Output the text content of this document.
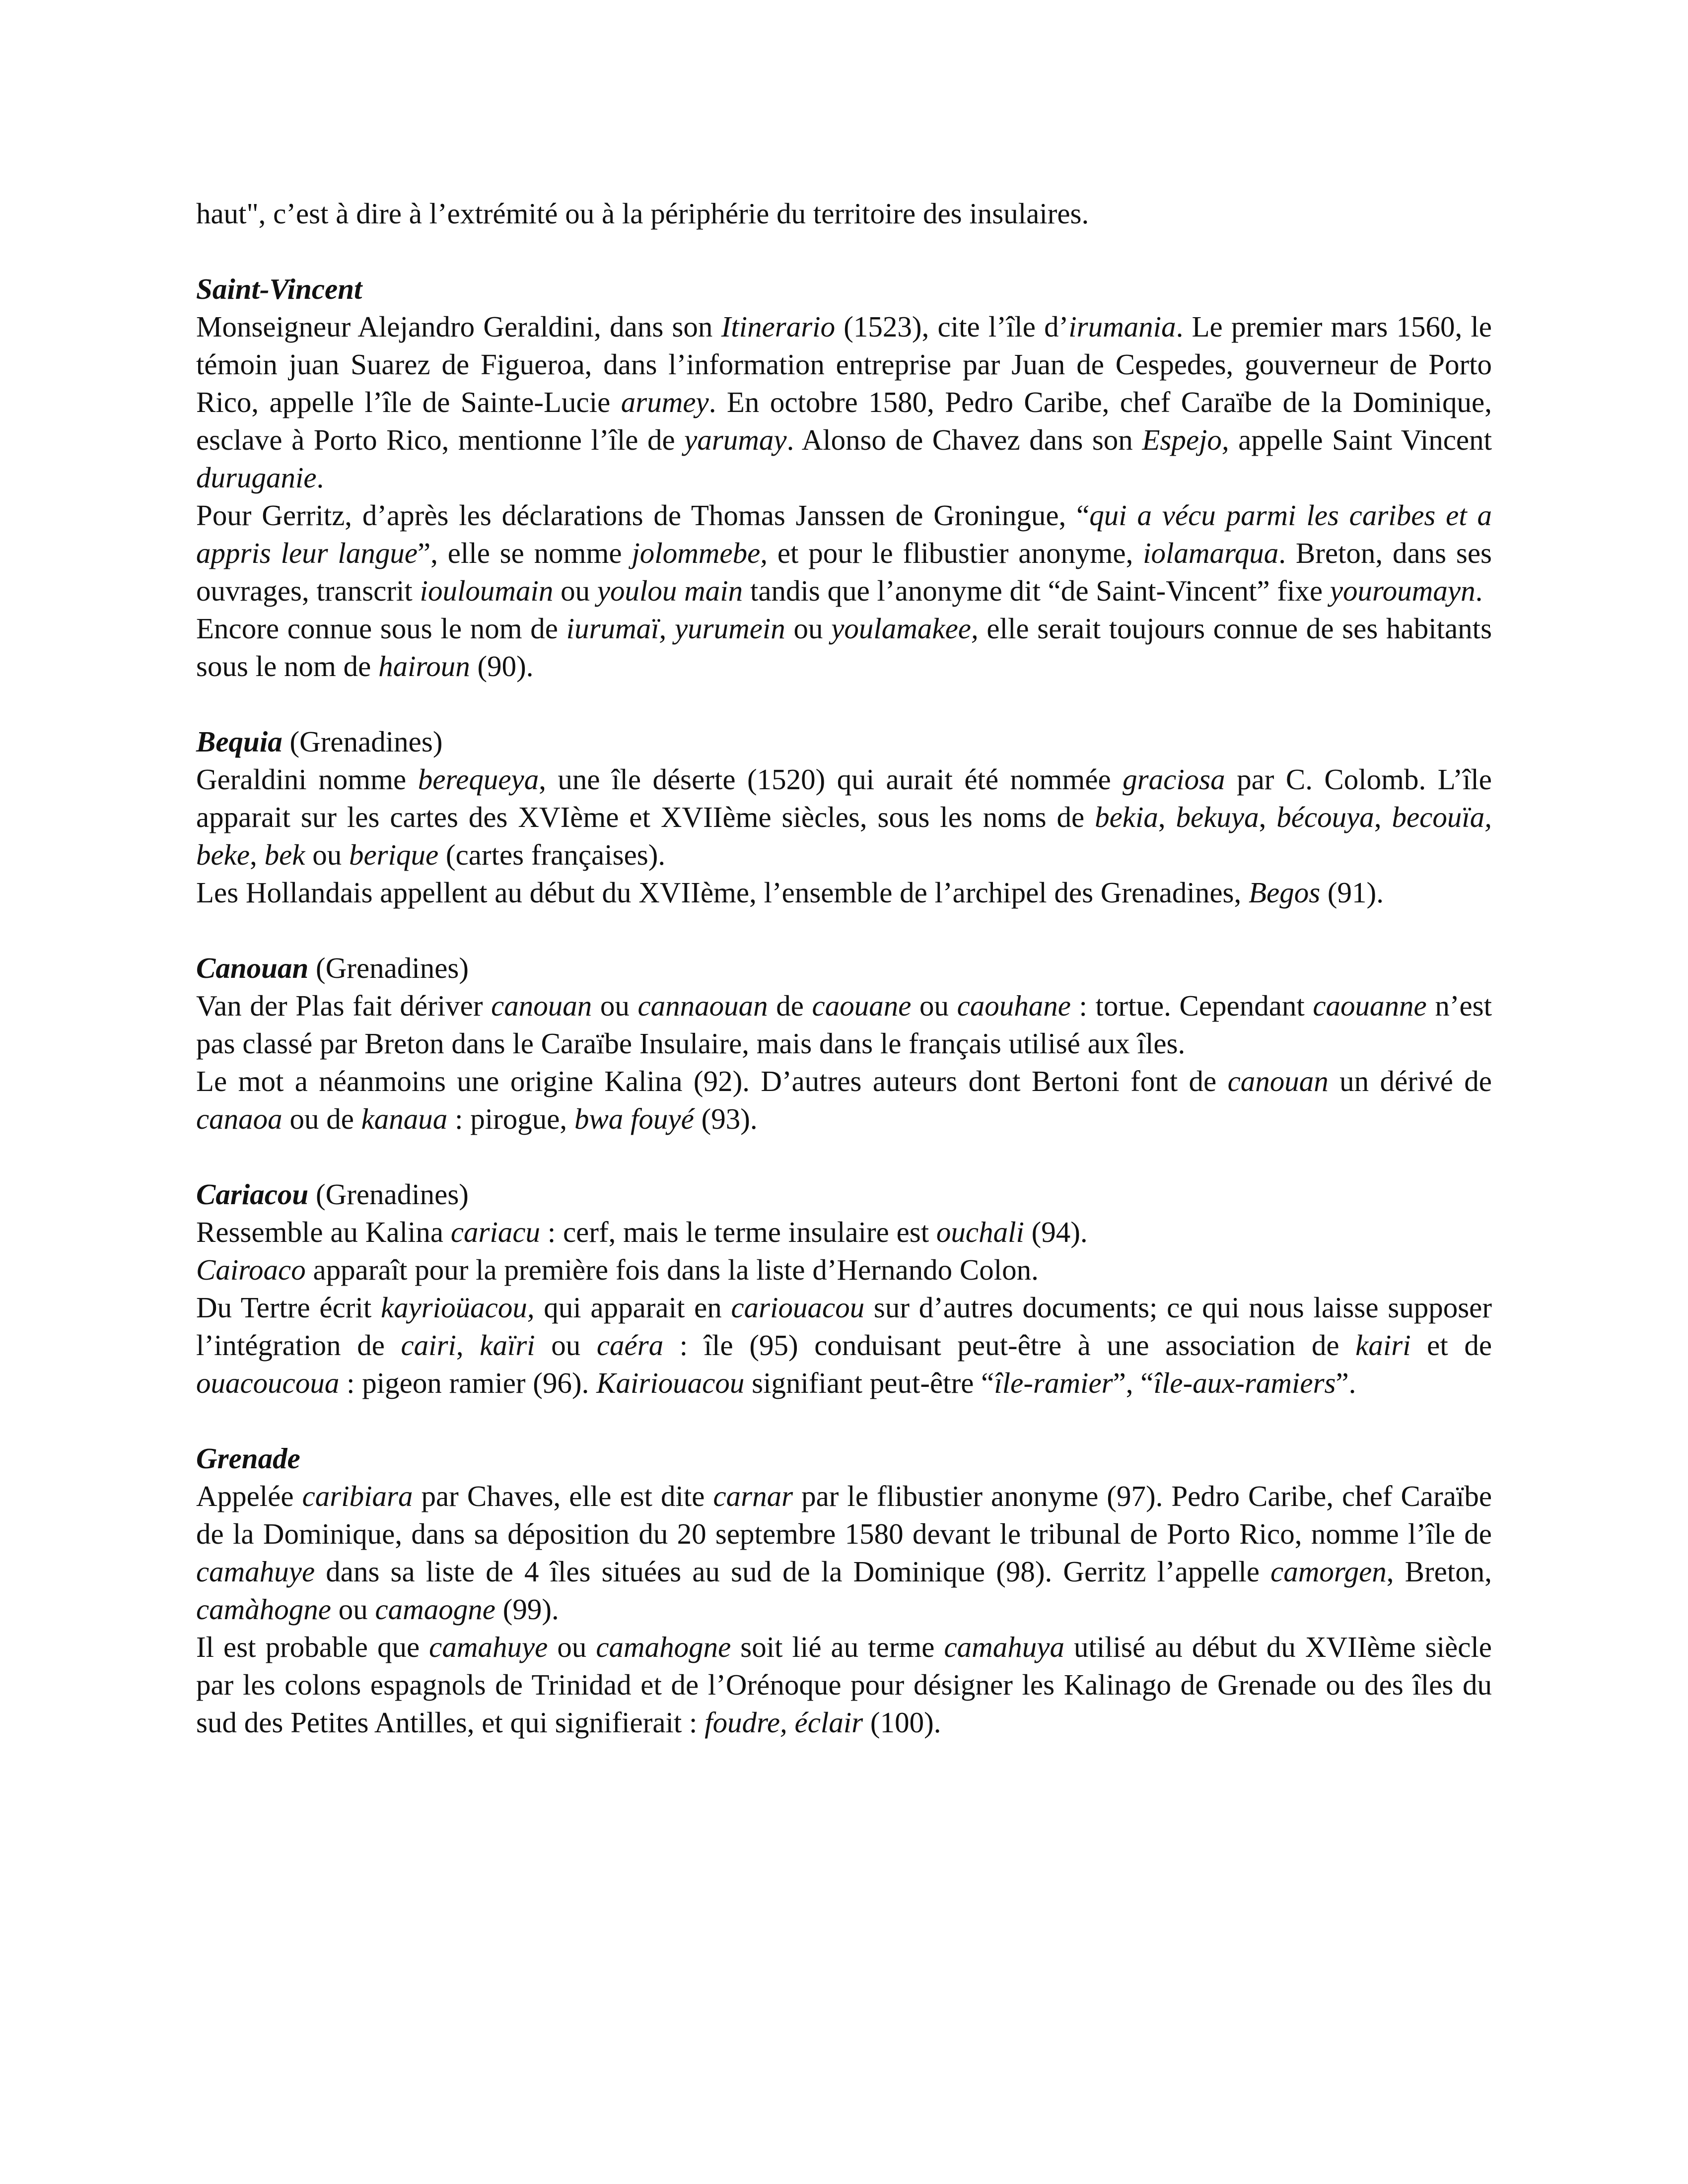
haut", c’est à dire à l’extrémité ou à la périphérie du territoire des insulaires.

Saint-Vincent

Monseigneur Alejandro Geraldini, dans son Itinerario (1523), cite l’île d’irumania. Le premier mars 1560, le témoin juan Suarez de Figueroa, dans l’information entreprise par Juan de Cespedes, gouverneur de Porto Rico, appelle l’île de Sainte-Lucie arumey. En octobre 1580, Pedro Caribe, chef Caraïbe de la Dominique, esclave à Porto Rico, mentionne l’île de yarumay. Alonso de Chavez dans son Espejo, appelle Saint Vincent duruganie.

Pour Gerritz, d’après les déclarations de Thomas Janssen de Groningue, “qui a vécu parmi les caribes et a appris leur langue”, elle se nomme jolommebe, et pour le flibustier anonyme, iolamarqua. Breton, dans ses ouvrages, transcrit iouloumain ou youlou main tandis que l’anonyme dit “de Saint-Vincent” fixe youroumayn.

Encore connue sous le nom de iurumaï, yurumein ou youlamakee, elle serait toujours connue de ses habitants sous le nom de hairoun (90).

Bequia (Grenadines)

Geraldini nomme berequeya, une île déserte (1520) qui aurait été nommée graciosa par C. Colomb. L’île apparait sur les cartes des XVIème et XVIIème siècles, sous les noms de bekia, bekuya, bécouya, becouïa, beke, bek ou berique (cartes françaises).

Les Hollandais appellent au début du XVIIème, l’ensemble de l’archipel des Grenadines, Begos (91).

Canouan (Grenadines)

Van der Plas fait dériver canouan ou cannaouan de caouane ou caouhane : tortue. Cependant caouanne n’est pas classé par Breton dans le Caraïbe Insulaire, mais dans le français utilisé aux îles.

Le mot a néanmoins une origine Kalina (92). D’autres auteurs dont Bertoni font de canouan un dérivé de canaoa ou de kanaua : pirogue, bwa fouyé (93).

Cariacou (Grenadines)

Ressemble au Kalina cariacu : cerf, mais le terme insulaire est ouchali (94).

Cairoaco apparaît pour la première fois dans la liste d’Hernando Colon.

Du Tertre écrit kayrioüacou, qui apparait en cariouacou sur d’autres documents; ce qui nous laisse supposer l’intégration de cairi, kaïri ou caéra : île (95) conduisant peut-être à une association de kairi et de ouacoucoua : pigeon ramier (96). Kairiouacou signifiant peut-être “île-ramier”, “île-aux-ramiers”.

Grenade

Appelée caribiara par Chaves, elle est dite carnar par le flibustier anonyme (97). Pedro Caribe, chef Caraïbe de la Dominique, dans sa déposition du 20 septembre 1580 devant le tribunal de Porto Rico, nomme l’île de camahuye dans sa liste de 4 îles situées au sud de la Dominique (98). Gerritz l’appelle camorgen, Breton, camàhogne ou camaogne (99).

Il est probable que camahuye ou camahogne soit lié au terme camahuya utilisé au début du XVIIème siècle par les colons espagnols de Trinidad et de l’Orénoque pour désigner les Kalinago de Grenade ou des îles du sud des Petites Antilles, et qui signifierait : foudre, éclair (100).
